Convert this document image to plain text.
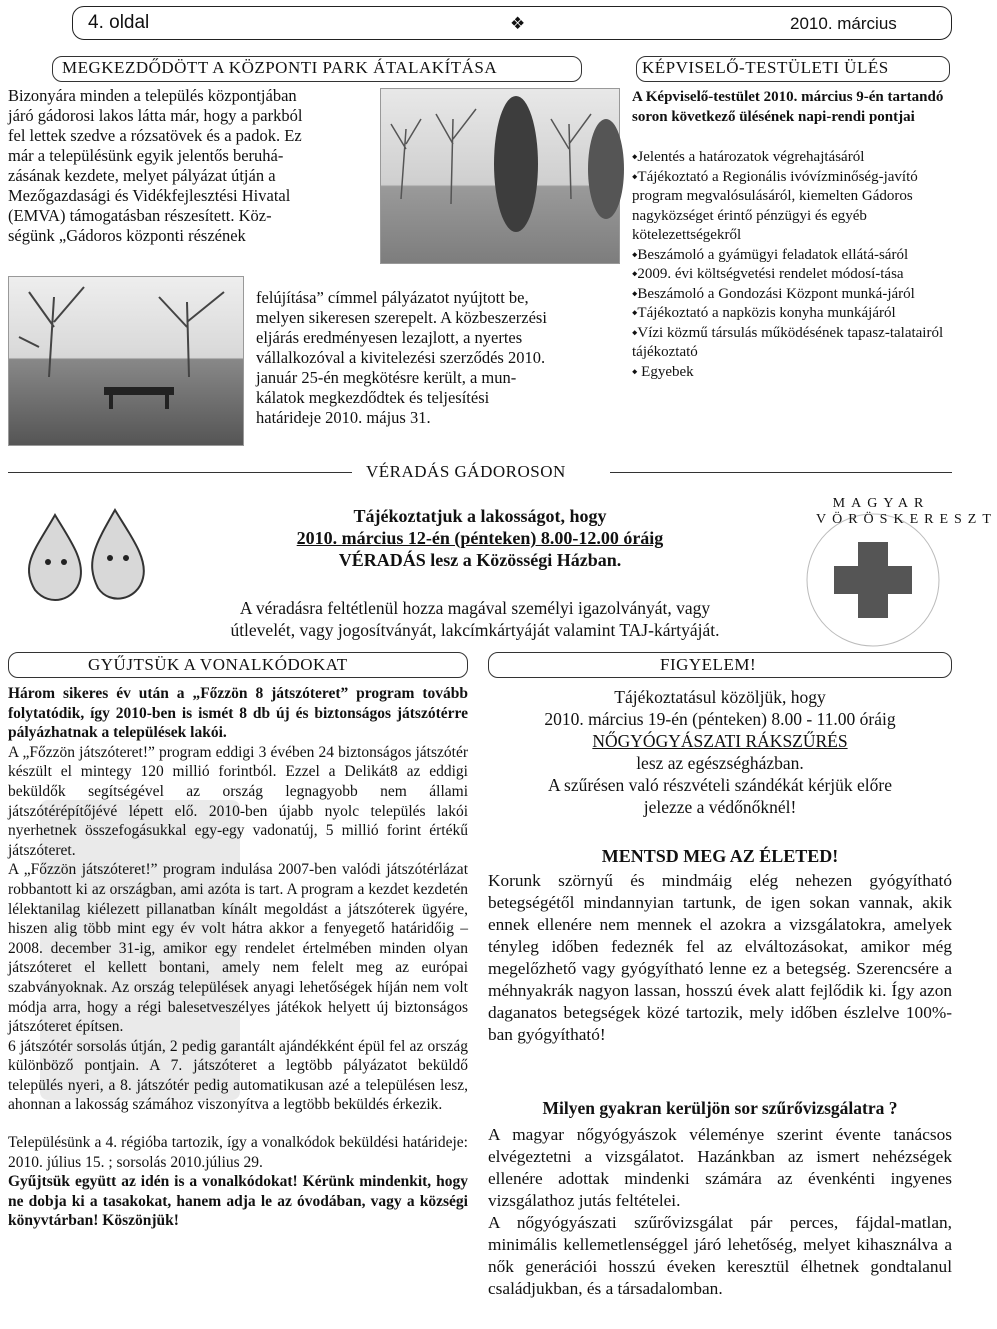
4. oldal	❖	2010. március
MEGKEZDŐDÖTT A KÖZPONTI PARK ÁTALAKÍTÁSA

Bizonyára minden a település központjában

járó gádorosi lakos látta már, hogy a parkból

fel lettek szedve a rózsatövek és a padok. Ez

már a településünk egyik jelentős beruhá-

zásának kezdete, melyet pályázat útján a

Mezőgazdasági és Vidékfejlesztési Hivatal

(EMVA) támogatásban részesített. Köz-

ségünk „Gádoros központi részének

felújítása” címmel pályázatot nyújtott be,

melyen sikeresen szerepelt. A közbeszerzési

eljárás eredményesen lezajlott, a nyertes

vállalkozóval a kivitelezési szerződés 2010.

január 25-én megkötésre került, a mun-

kálatok megkezdődtek és teljesítési

határideje 2010. május 31.

KÉPVISELŐ-TESTÜLETI ÜLÉS
A Képviselő-testület 2010. március 9-én tartandó soron következő ülésének napi-rendi pontjai
⬩Jelentés a határozatok végrehajtásáról
⬩Tájékoztató a Regionális ivóvízminőség-javító program megvalósulásáról, kiemelten Gádoros nagyközséget érintő pénzügyi és egyéb kötelezettségekről
⬩Beszámoló a gyámügyi feladatok ellátá-sáról
⬩2009. évi költségvetési rendelet módosí-tása
⬩Beszámoló a Gondozási Központ munká-járól
⬩Tájékoztató a napközis konyha munkájáról
⬩Vízi közmű társulás működésének tapasz-talatairól tájékoztató
⬩ Egyebek
VÉRADÁS GÁDOROSON
Tájékoztatjuk a lakosságot, hogy
2010. március 12-én (pénteken) 8.00-12.00 óráig
VÉRADÁS lesz a Közösségi Házban.
A véradásra feltétlenül hozza magával személyi igazolványát, vagy
útlevelét, vagy jogosítványát, lakcímkártyáját valamint TAJ-kártyáját.
MAGYAR VÖRÖSKERESZT
GYŰJTSÜK A VONALKÓDOKAT

Három sikeres év után a „Főzzön 8 játszóteret” program tovább folytatódik, így 2010-ben is ismét 8 db új és biztonságos játszótérre pályázhatnak a települések lakói.

A „Főzzön játszóteret!” program eddigi 3 évében 24 biztonságos játszótér készült el mintegy 120 millió forintból. Ezzel a Delikát8 az eddigi beküldők segítségével az ország legnagyobb nem állami játszótérépítőjévé lépett elő. 2010-ben újabb nyolc település lakói nyerhetnek összefogásukkal egy-egy vadonatúj, 5 millió forint értékű játszóteret.

A „Főzzön játszóteret!” program indulása 2007-ben valódi játszótérlázat robbantott ki az országban, ami azóta is tart. A program a kezdet kezdetén lélektanilag kiélezett pillanatban kínált megoldást a játszóterek ügyére, hiszen alig több mint egy év volt hátra akkor a fenyegető határidőig – 2008. december 31-ig, amikor egy rendelet értelmében minden olyan játszóteret el kellett bontani, amely nem felelt meg az európai szabványoknak. Az ország települések anyagi lehetőségek híján nem volt módja arra, hogy a régi balesetveszélyes játékok helyett új biztonságos játszóteret építsen.

6 játszótér sorsolás útján, 2 pedig garantált ajándékként épül fel az ország különböző pontjain. A 7. játszóteret a legtöbb pályázatot beküldő település nyeri, a 8. játszótér pedig automatikusan azé a településen lesz, ahonnan a lakosság számához viszonyítva a legtöbb beküldés érkezik.

Településünk a 4. régióba tartozik, így a vonalkódok beküldési határideje: 2010. július 15. ; sorsolás 2010.július 29.

Gyűjtsük együtt az idén is a vonalkódokat! Kérünk mindenkit, hogy ne dobja ki a tasakokat, hanem adja le az óvodában, vagy a községi könyvtárban! Köszönjük!

FIGYELEM!
Tájékoztatásul közöljük, hogy
2010. március 19-én (pénteken) 8.00 - 11.00 óráig
NŐGYÓGYÁSZATI RÁKSZŰRÉS
lesz az egészségházban.
A szűrésen való részvételi szándékát kérjük előre
jelezze a védőnőknél!
MENTSD MEG AZ ÉLETED!
Korunk szörnyű és mindmáig elég nehezen gyógyítható betegségétől mindannyian tartunk, de igen sokan vannak, akik ennek ellenére nem mennek el azokra a vizsgálatokra, amelyek tényleg időben fedeznék fel az elváltozásokat, amikor még megelőzhető vagy gyógyítható lenne ez a betegség. Szerencsére a méhnyakrák nagyon lassan, hosszú évek alatt fejlődik ki. Így azon daganatos betegségek közé tartozik, mely időben észlelve 100%-ban gyógyítható!
Milyen gyakran kerüljön sor szűrővizsgálatra ?

A magyar nőgyógyászok véleménye szerint évente tanácsos elvégeztetni a vizsgálatot. Hazánkban az ismert nehézségek ellenére adottak mindenki számára az évenkénti ingyenes vizsgálathoz jutás feltételei.

A nőgyógyászati szűrővizsgálat pár perces, fájdal-matlan, minimális kellemetlenséggel járó lehetőség, melyet kihasználva a nők generációi hosszú éveken keresztül élhetnek gondtalanul családjukban, és a társadalomban.
